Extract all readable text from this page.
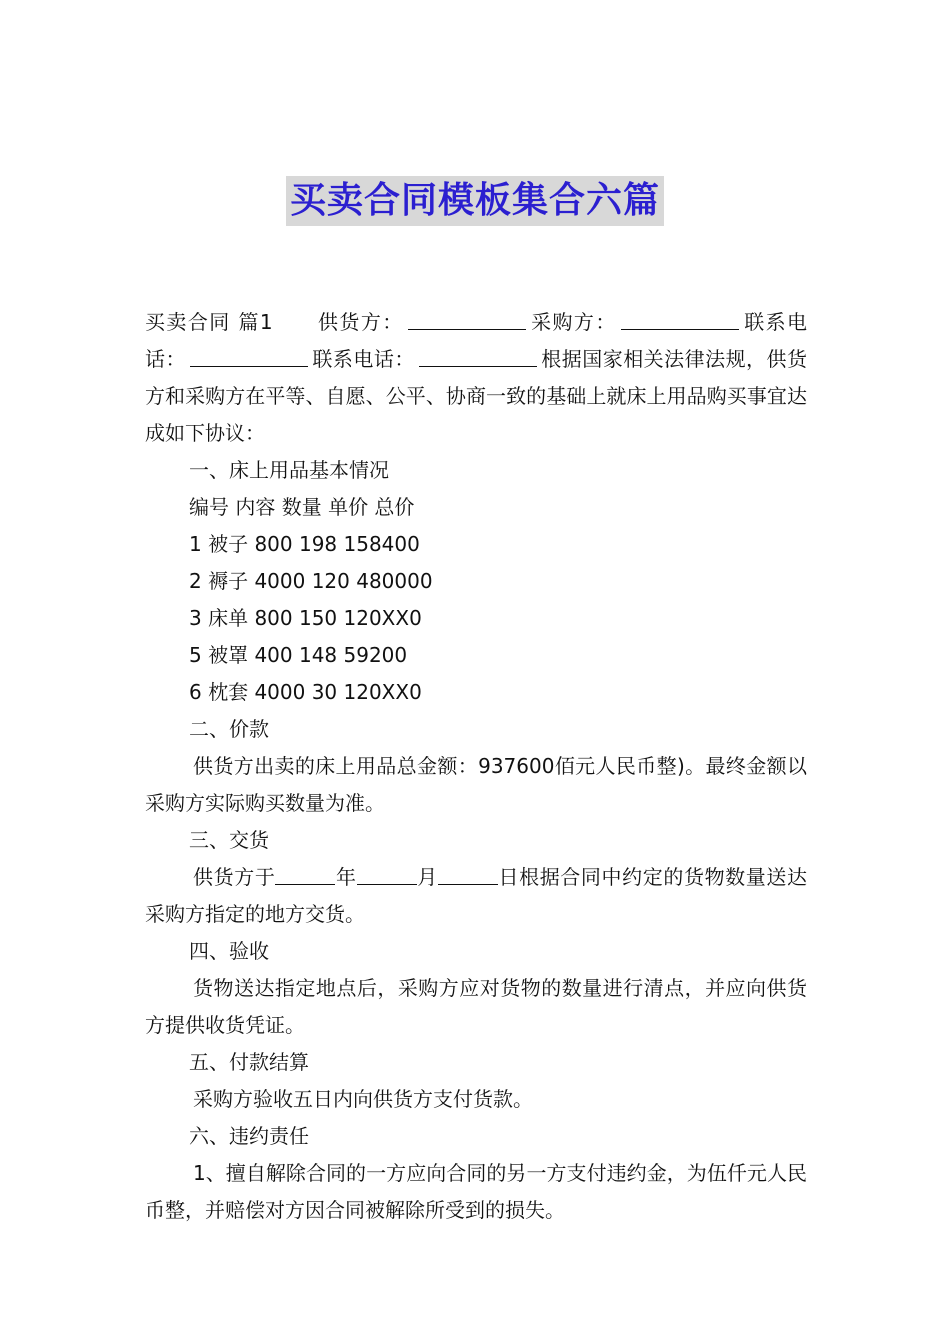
买卖合同模板集合六篇

买卖合同 篇1 供货方：	采购方：	联系电话：	联系电话：	根据国家相关法律法规，供货方和采购方在平等、自愿、公平、协商一致的基础上就床上用品购买事宜达成如下协议：

一、床上用品基本情况

编号 内容 数量 单价 总价

1 被子 800 198 158400

2 褥子 4000 120 480000

3 床单 800 150 120XX0

5 被罩 400 148 59200

6 枕套 4000 30 120XX0

二、价款

供货方出卖的床上用品总金额：937600佰元人民币整)。最终金额以采购方实际购买数量为准。

三、交货

供货方于	年	月	日根据合同中约定的货物数量送达采购方指定的地方交货。

四、验收

货物送达指定地点后，采购方应对货物的数量进行清点，并应向供货方提供收货凭证。

五、付款结算

采购方验收五日内向供货方支付货款。

六、违约责任

1、擅自解除合同的一方应向合同的另一方支付违约金，为伍仟元人民币整，并赔偿对方因合同被解除所受到的损失。
